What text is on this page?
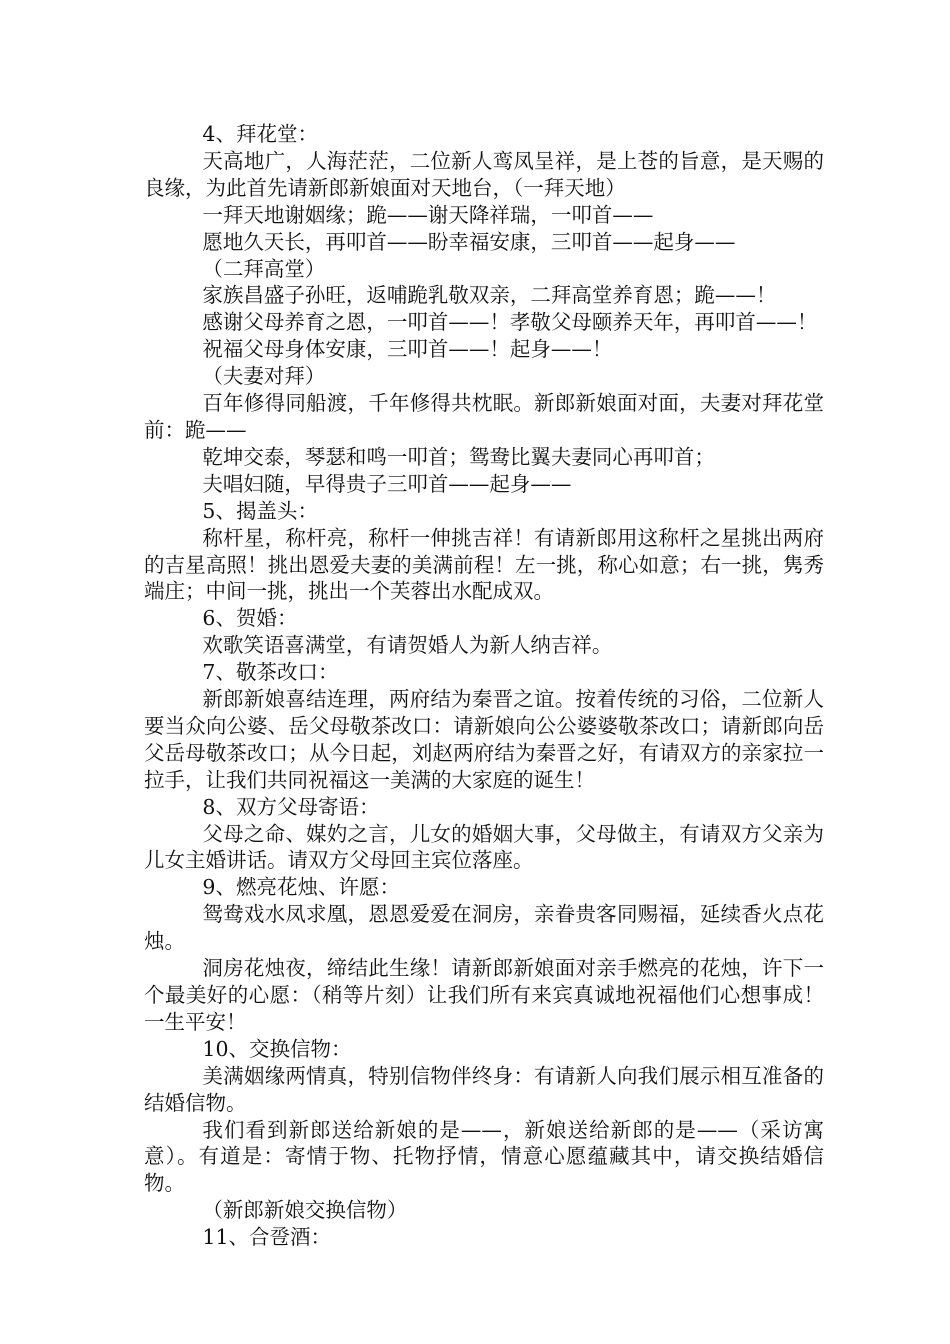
4、拜花堂：

天高地广，人海茫茫，二位新人鸾凤呈祥，是上苍的旨意，是天赐的良缘，为此首先请新郎新娘面对天地台，（一拜天地）

一拜天地谢姻缘；跪——谢天降祥瑞，一叩首——

愿地久天长，再叩首——盼幸福安康，三叩首——起身——

（二拜高堂）

家族昌盛子孙旺，返哺跪乳敬双亲，二拜高堂养育恩；跪——！

感谢父母养育之恩，一叩首——！孝敬父母颐养天年，再叩首——！

祝福父母身体安康，三叩首——！起身——！

（夫妻对拜）

百年修得同船渡，千年修得共枕眠。新郎新娘面对面，夫妻对拜花堂前：跪——

乾坤交泰，琴瑟和鸣一叩首；鸳鸯比翼夫妻同心再叩首；

夫唱妇随，早得贵子三叩首——起身——

5、揭盖头：

称杆星，称杆亮，称杆一伸挑吉祥！有请新郎用这称杆之星挑出两府的吉星高照！挑出恩爱夫妻的美满前程！左一挑，称心如意；右一挑，隽秀端庄；中间一挑，挑出一个芙蓉出水配成双。

6、贺婚：

欢歌笑语喜满堂，有请贺婚人为新人纳吉祥。

7、敬茶改口：

新郎新娘喜结连理，两府结为秦晋之谊。按着传统的习俗，二位新人要当众向公婆、岳父母敬茶改口：请新娘向公公婆婆敬茶改口；请新郎向岳父岳母敬茶改口；从今日起，刘赵两府结为秦晋之好，有请双方的亲家拉一拉手，让我们共同祝福这一美满的大家庭的诞生！

8、双方父母寄语：

父母之命、媒妁之言，儿女的婚姻大事，父母做主，有请双方父亲为儿女主婚讲话。请双方父母回主宾位落座。

9、燃亮花烛、许愿：

鸳鸯戏水凤求凰，恩恩爱爱在洞房，亲眷贵客同赐福，延续香火点花烛。

洞房花烛夜，缔结此生缘！请新郎新娘面对亲手燃亮的花烛，许下一个最美好的心愿：（稍等片刻）让我们所有来宾真诚地祝福他们心想事成！一生平安！

10、交换信物：

美满姻缘两情真，特别信物伴终身：有请新人向我们展示相互准备的结婚信物。

我们看到新郎送给新娘的是——，新娘送给新郎的是——（采访寓意）。有道是：寄情于物、托物抒情，情意心愿蕴藏其中，请交换结婚信物。

（新郎新娘交换信物）

11、合卺酒：
